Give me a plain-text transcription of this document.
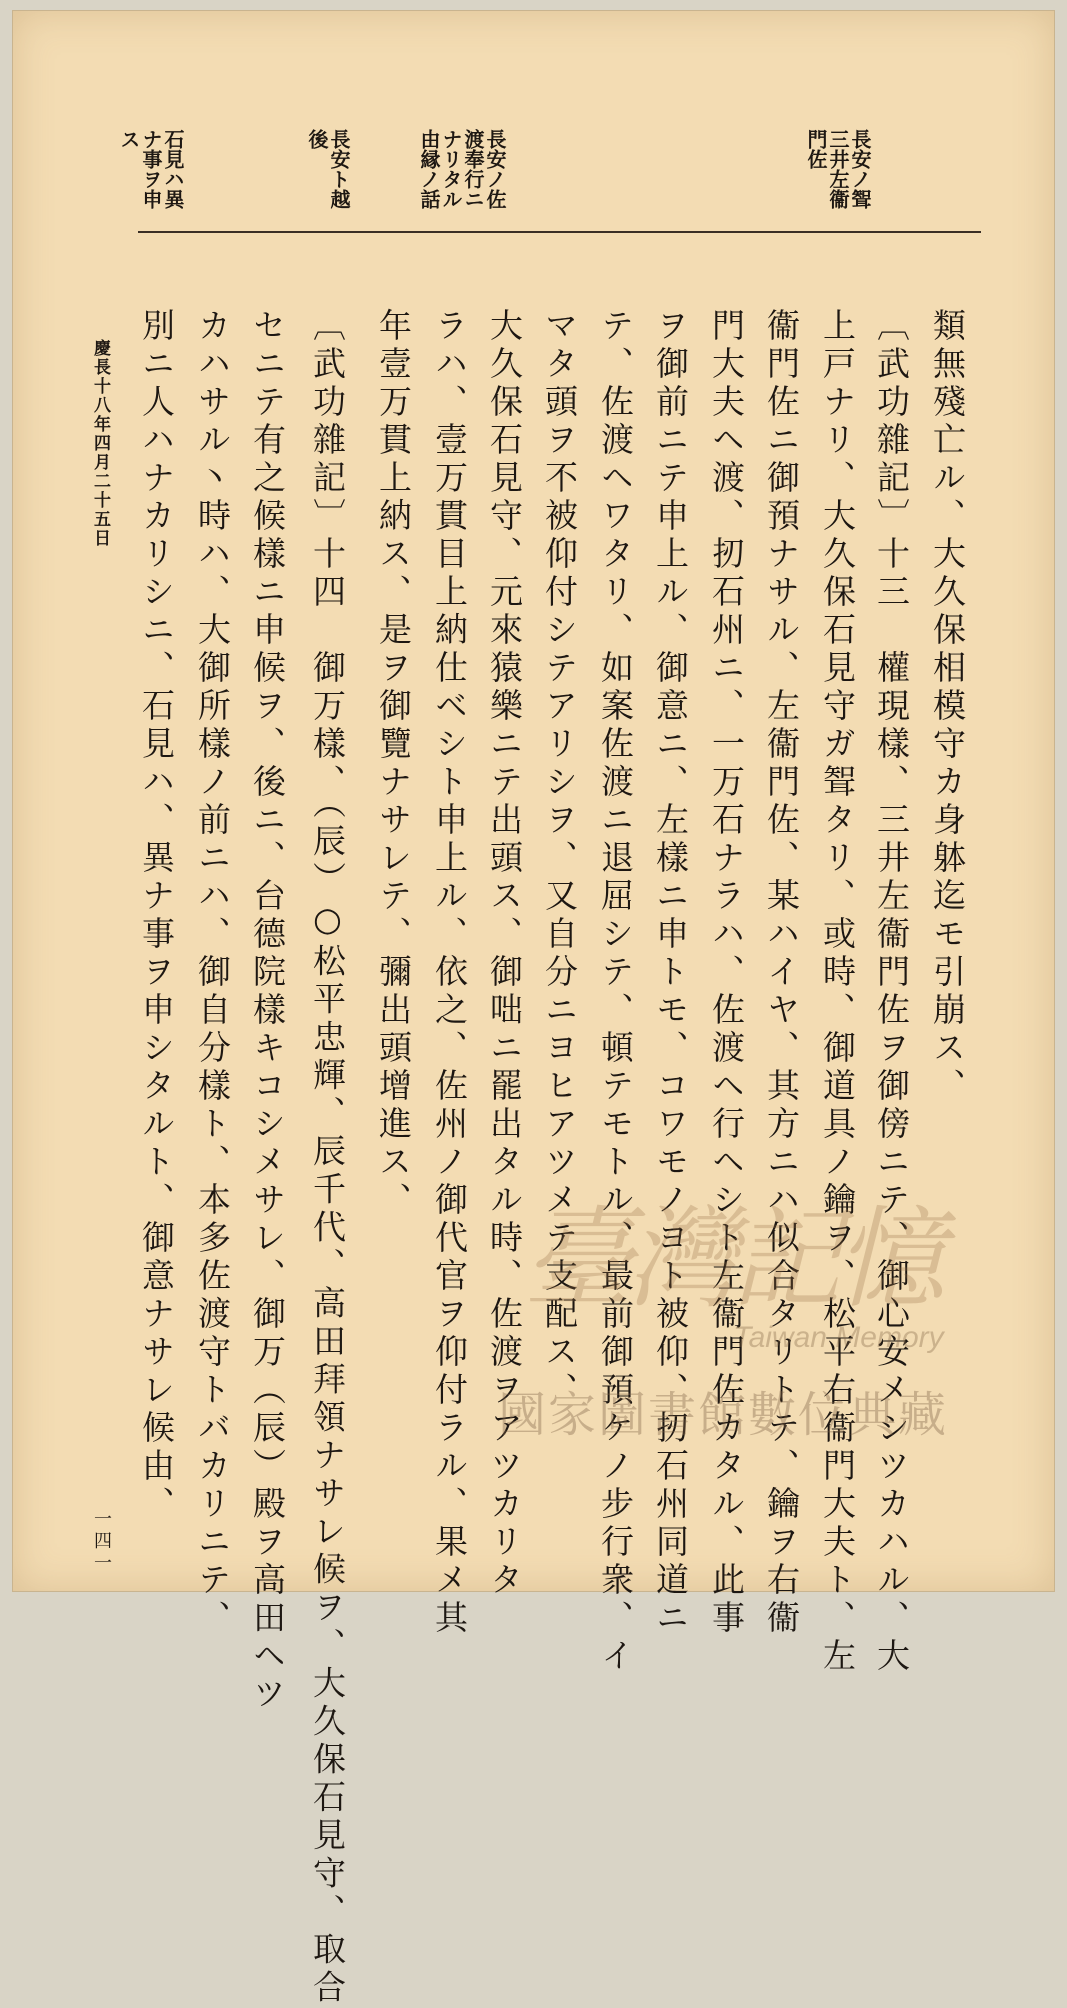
長安ノ聟
三井左衞
門佐
長安ノ佐
渡奉行ニ
ナリタル
由縁ノ話
長安ト越
後
石見ハ異
ナ事ヲ申
ス
類無殘亡ル、大久保相模守カ身躰迄モ引崩ス、
〔武功雜記〕十三　權現樣、三井左衞門佐ヲ御傍ニテ、御心安メシツカハル、大
上戸ナリ、大久保石見守ガ聟タリ、或時、御道具ノ鑰ヲ、松平右衞門大夫ト、左
衞門佐ニ御預ナサル、左衞門佐、某ハイヤ、其方ニハ似合タリトテ、鑰ヲ右衞
門大夫ヘ渡、扨石州ニ、一万石ナラハ、佐渡ヘ行ヘシト左衞門佐カタル、此事
ヲ御前ニテ申上ル、御意ニ、左樣ニ申トモ、コワモノヨト被仰、扨石州同道ニ
テ、佐渡ヘワタリ、如案佐渡ニ退屈シテ、頓テモトル、最前御預ケノ步行衆、イ
マタ頭ヲ不被仰付シテアリシヲ、又自分ニヨヒアツメテ支配ス、
大久保石見守、元來猿樂ニテ出頭ス、御咄ニ罷出タル時、佐渡ヲアツカリタ
ラハ、壹万貫目上納仕ベシト申上ル、依之、佐州ノ御代官ヲ仰付ラル、果メ其
年壹万貫上納ス、是ヲ御覽ナサレテ、彌出頭增進ス、
〔武功雜記〕十四　御万樣、（辰）○松平忠輝、辰千代、高田拜領ナサレ候ヲ、大久保石見守、取合
セニテ有之候樣ニ申候ヲ、後ニ、台德院樣キコシメサレ、御万（辰）殿ヲ高田ヘツ
カハサル丶時ハ、大御所樣ノ前ニハ、御自分樣ト、本多佐渡守トバカリニテ、
別ニ人ハナカリシニ、石見ハ、異ナ事ヲ申シタルト、御意ナサレ候由、
慶長十八年四月二十五日
一四一
臺灣記憶
Taiwan Memory
國家圖書館數位典藏
